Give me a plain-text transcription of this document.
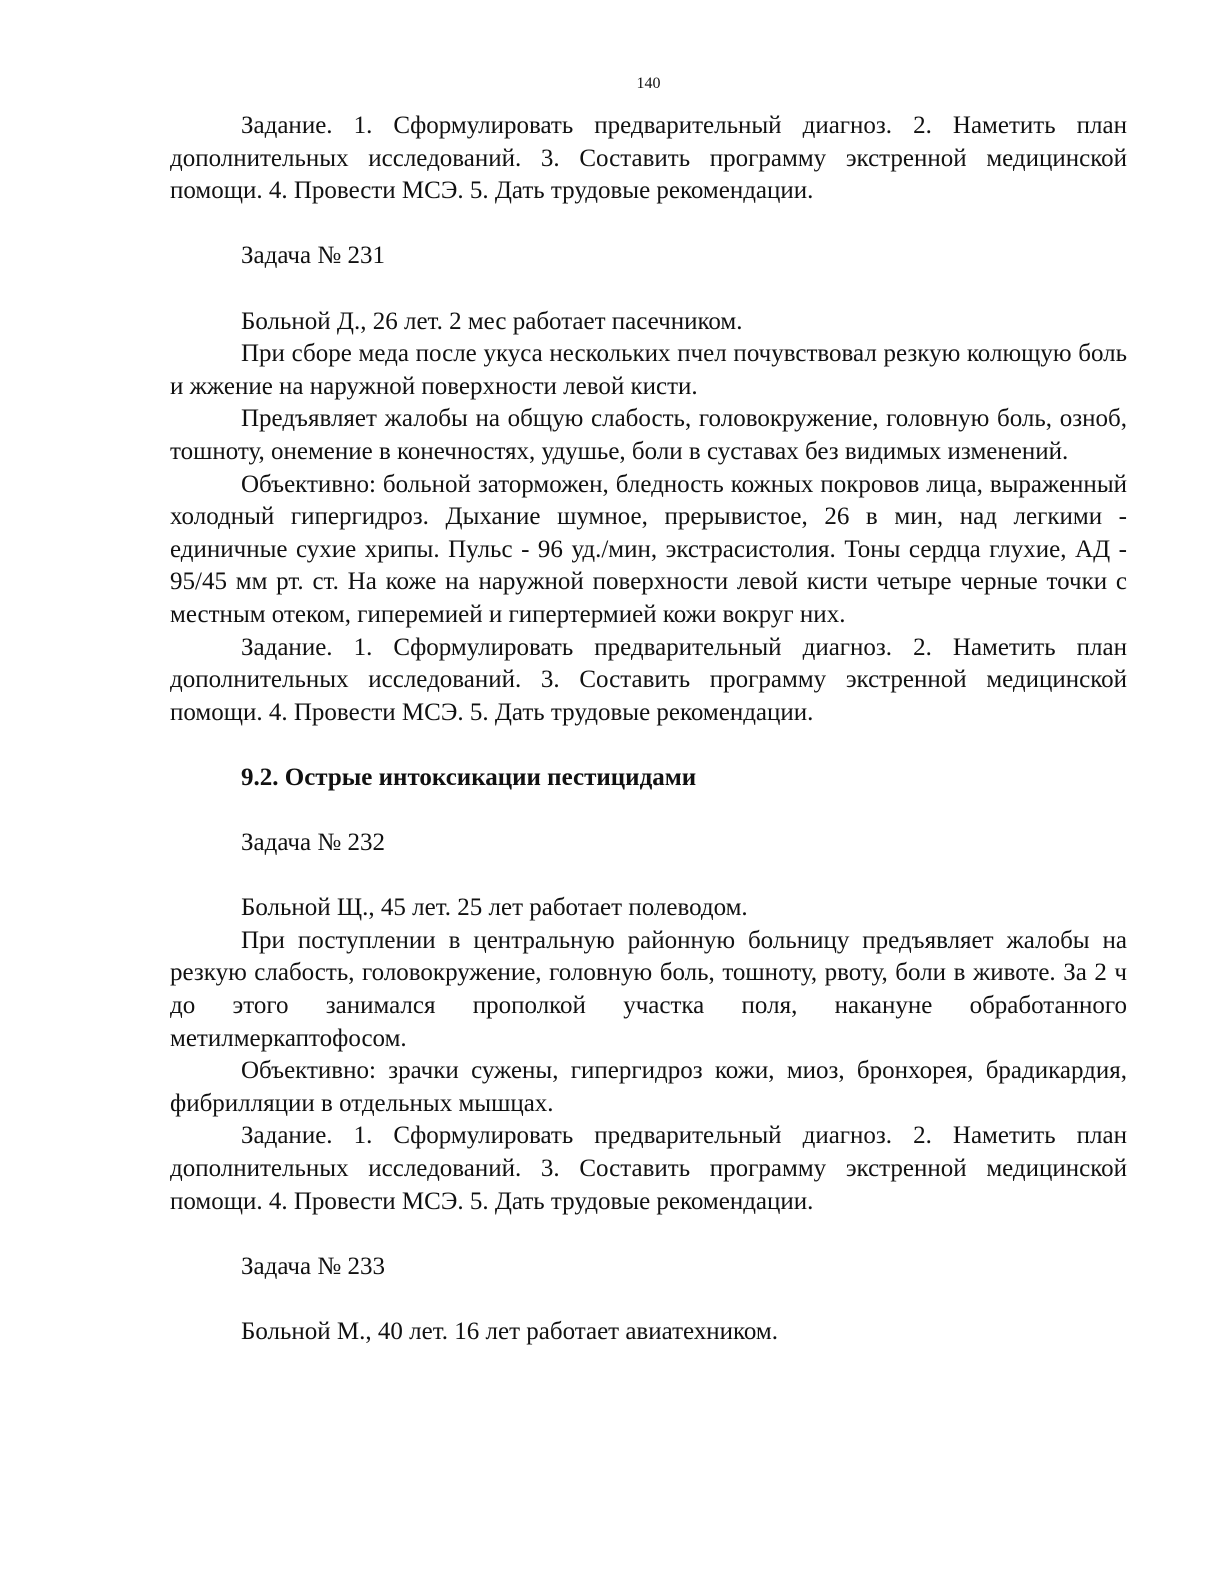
140

Задание. 1. Сформулировать предварительный диагноз. 2. Наметить план дополнительных исследований. 3. Составить программу экстренной медицинской помощи. 4. Провести МСЭ. 5. Дать трудовые рекомендации.

Задача № 231

Больной Д., 26 лет. 2 мес работает пасечником.

При сборе меда после укуса нескольких пчел почувствовал резкую колющую боль и жжение на наружной поверхности левой кисти.

Предъявляет жалобы на общую слабость, головокружение, головную боль, озноб, тошноту, онемение в конечностях, удушье, боли в суставах без видимых изменений.

Объективно: больной заторможен, бледность кожных покровов лица, выраженный холодный гипергидроз. Дыхание шумное, прерывистое, 26 в мин, над легкими - единичные сухие хрипы. Пульс - 96 уд./мин, экстрасистолия. Тоны сердца глухие, АД - 95/45 мм рт. ст. На коже на наружной поверхности левой кисти четыре черные точки с местным отеком, гиперемией и гипертермией кожи вокруг них.

Задание. 1. Сформулировать предварительный диагноз. 2. Наметить план дополнительных исследований. 3. Составить программу экстренной медицинской помощи. 4. Провести МСЭ. 5. Дать трудовые рекомендации.

9.2. Острые интоксикации пестицидами

Задача № 232

Больной Щ., 45 лет. 25 лет работает полеводом.

При поступлении в центральную районную больницу предъявляет жалобы на резкую слабость, головокружение, головную боль, тошноту, рвоту, боли в животе. За 2 ч до этого занимался прополкой участка поля, накануне обработанного метилмеркаптофосом.

Объективно: зрачки сужены, гипергидроз кожи, миоз, бронхорея, брадикардия, фибрилляции в отдельных мышцах.

Задание. 1. Сформулировать предварительный диагноз. 2. Наметить план дополнительных исследований. 3. Составить программу экстренной медицинской помощи. 4. Провести МСЭ. 5. Дать трудовые рекомендации.

Задача № 233

Больной М., 40 лет. 16 лет работает авиатехником.
